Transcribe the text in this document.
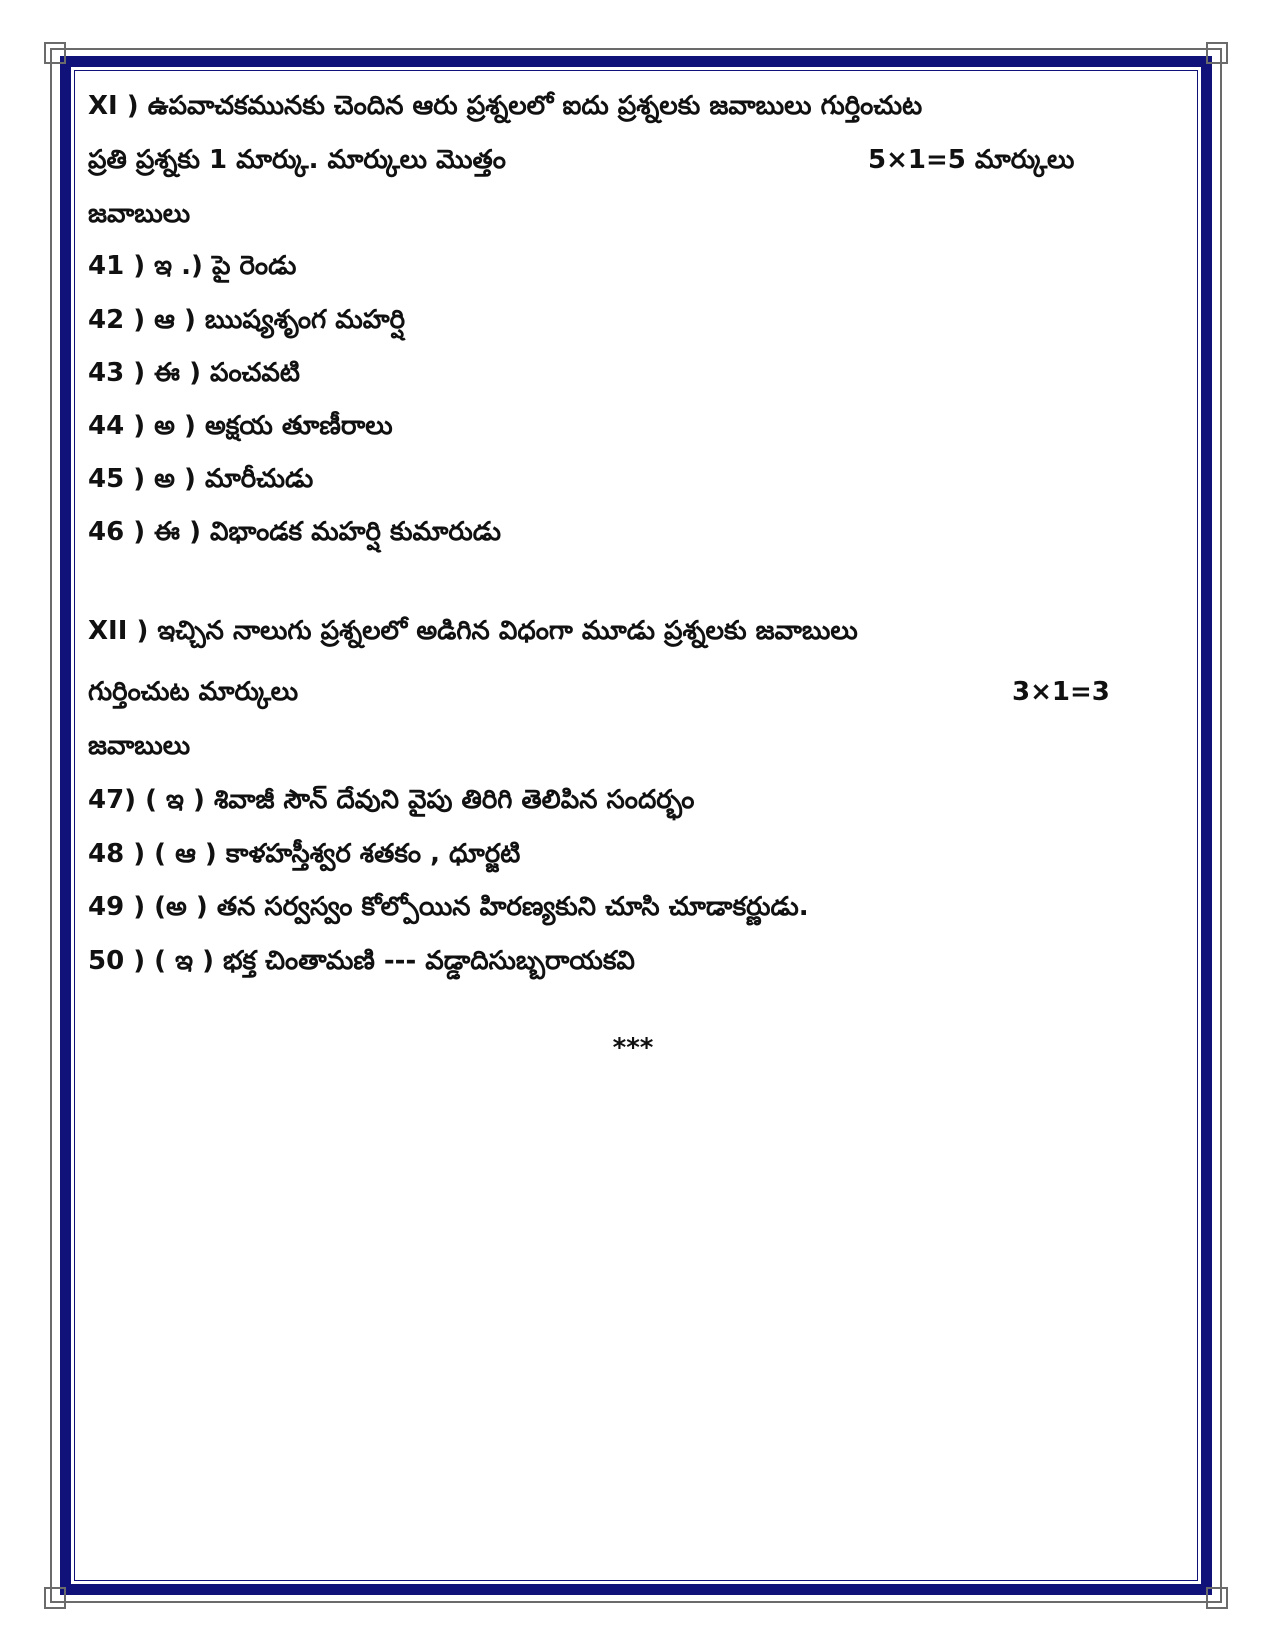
XI ) ఉపవాచకమునకు చెందిన ఆరు ప్రశ్నలలో ఐదు ప్రశ్నలకు జవాబులు గుర్తించుట
ప్రతి ప్రశ్నకు 1 మార్కు. మార్కులు మొత్తం	5×1=5 మార్కులు
జవాబులు
41 ) ఇ .) పై రెండు
42 ) ఆ ) ఋష్యశృంగ మహర్షి
43 ) ఈ ) పంచవటి
44 ) అ ) అక్షయ తూణీరాలు
45 ) అ ) మారీచుడు
46 ) ఈ ) విభాండక మహర్షి కుమారుడు
XII ) ఇచ్చిన నాలుగు ప్రశ్నలలో అడిగిన విధంగా మూడు ప్రశ్నలకు జవాబులు
గుర్తించుట మార్కులు	3×1=3
జవాబులు
47) ( ఇ ) శివాజీ సౌన్ దేవుని వైపు తిరిగి తెలిపిన సందర్భం
48 ) ( ఆ ) కాళహస్తీశ్వర శతకం , ధూర్జటి
49 ) (అ ) తన సర్వస్వం కోల్పోయిన హిరణ్యకుని చూసి చూడాకర్ణుడు.
50 ) ( ఇ ) భక్త చింతామణి --- వడ్డాదిసుబ్బరాయకవి
***
